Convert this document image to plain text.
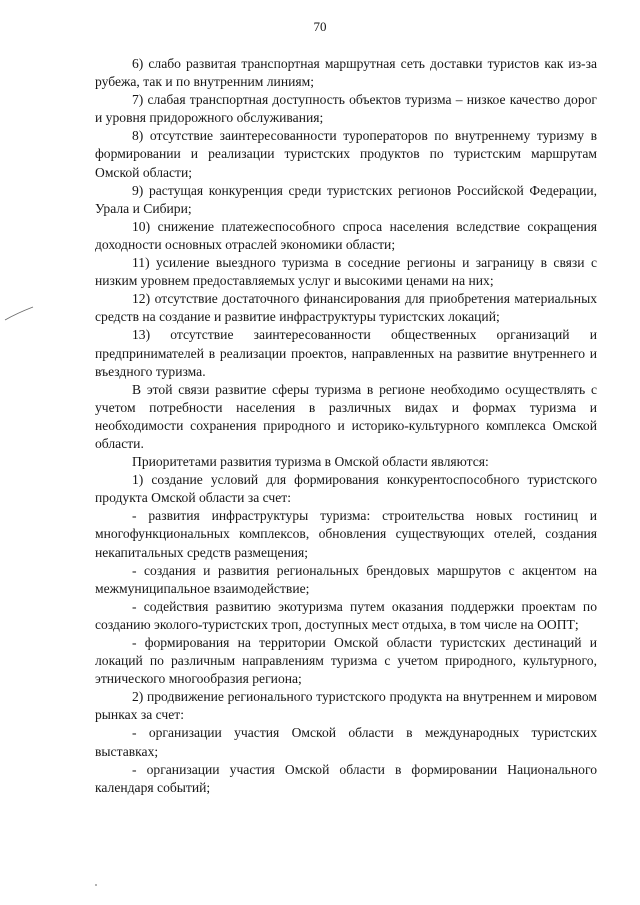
70

6) слабо развитая транспортная маршрутная сеть доставки туристов как из-за рубежа, так и по внутренним линиям;

7) слабая транспортная доступность объектов туризма – низкое качество дорог и уровня придорожного обслуживания;

8) отсутствие заинтересованности туроператоров по внутреннему туризму в формировании и реализации туристских продуктов по туристским маршрутам Омской области;

9) растущая конкуренция среди туристских регионов Российской Федерации, Урала и Сибири;

10) снижение платежеспособного спроса населения вследствие сокращения доходности основных отраслей экономики области;

11) усиление выездного туризма в соседние регионы и заграницу в связи с низким уровнем предоставляемых услуг и высокими ценами на них;

12) отсутствие достаточного финансирования для приобретения материальных средств на создание и развитие инфраструктуры туристских локаций;

13) отсутствие заинтересованности общественных организаций и предпринимателей в реализации проектов, направленных на развитие внутреннего и въездного туризма.

В этой связи развитие сферы туризма в регионе необходимо осуществлять с учетом потребности населения в различных видах и формах туризма и необходимости сохранения природного и историко-культурного комплекса Омской области.

Приоритетами развития туризма в Омской области являются:

1) создание условий для формирования конкурентоспособного туристского продукта Омской области за счет:

- развития инфраструктуры туризма: строительства новых гостиниц и многофункциональных комплексов, обновления существующих отелей, создания некапитальных средств размещения;

- создания и развития региональных брендовых маршрутов с акцентом на межмуниципальное взаимодействие;

- содействия развитию экотуризма путем оказания поддержки проектам по созданию эколого-туристских троп, доступных мест отдыха, в том числе на ООПТ;

- формирования на территории Омской области туристских дестинаций и локаций по различным направлениям туризма с учетом природного, культурного, этнического многообразия региона;

2) продвижение регионального туристского продукта на внутреннем и мировом рынках за счет:

- организации участия Омской области в международных туристских выставках;

- организации участия Омской области в формировании Национального календаря событий;
